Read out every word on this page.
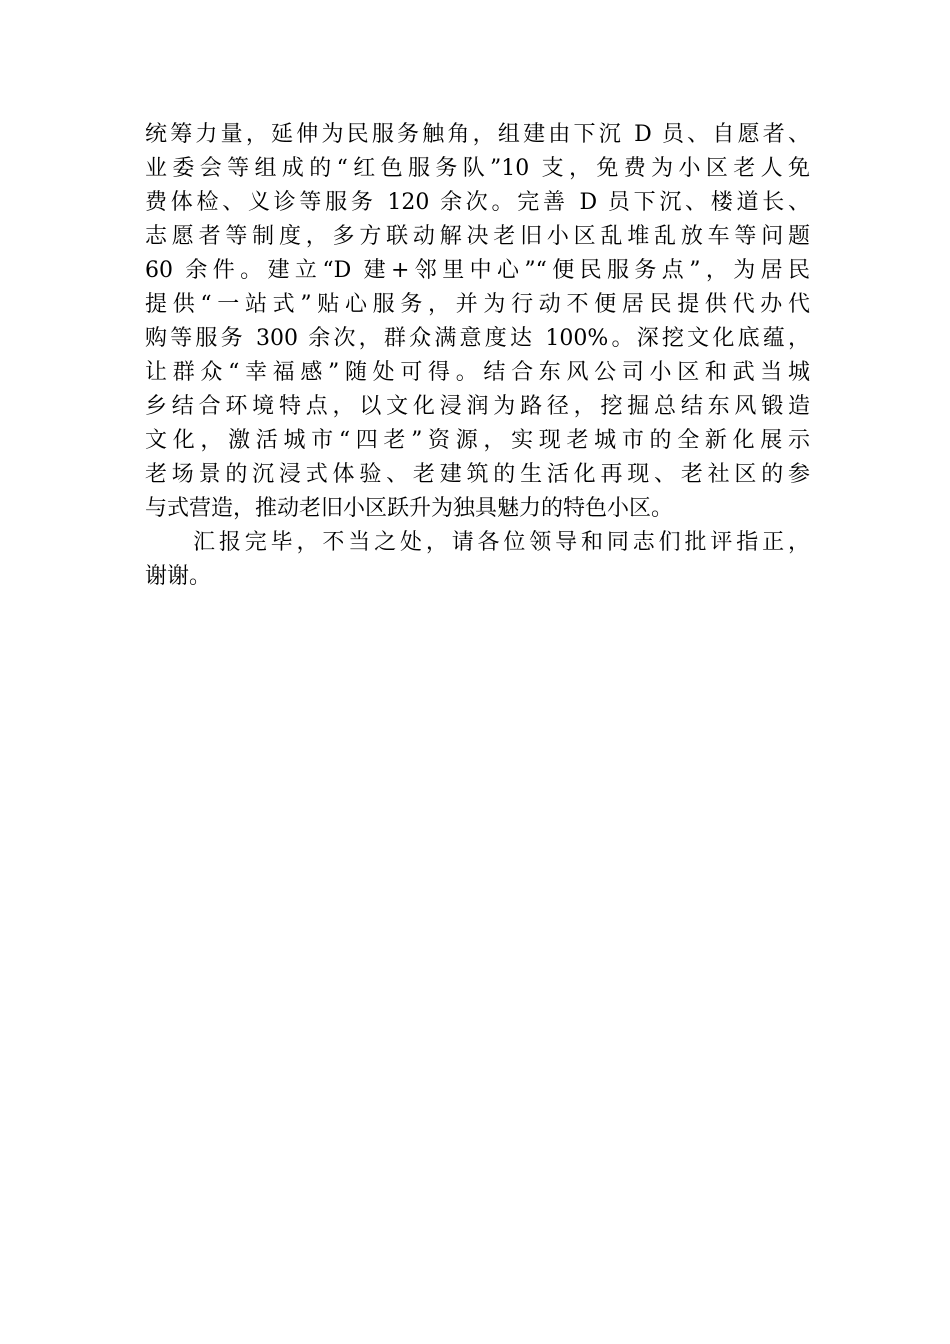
统筹力量，延伸为民服务触角，组建由下沉 D 员、自愿者、
业委会等组成的“红色服务队”10 支，免费为小区老人免
费体检、义诊等服务 120 余次。完善 D 员下沉、楼道长、
志愿者等制度，多方联动解决老旧小区乱堆乱放车等问题
60 余件。建立“D 建+邻里中心”“便民服务点”，为居民
提供“一站式”贴心服务，并为行动不便居民提供代办代
购等服务 300 余次，群众满意度达 100%。深挖文化底蕴，
让群众“幸福感”随处可得。结合东风公司小区和武当城
乡结合环境特点，以文化浸润为路径，挖掘总结东风锻造
文化，激活城市“四老”资源，实现老城市的全新化展示
老场景的沉浸式体验、老建筑的生活化再现、老社区的参
与式营造，推动老旧小区跃升为独具魅力的特色小区。
汇报完毕，不当之处，请各位领导和同志们批评指正，
谢谢。
